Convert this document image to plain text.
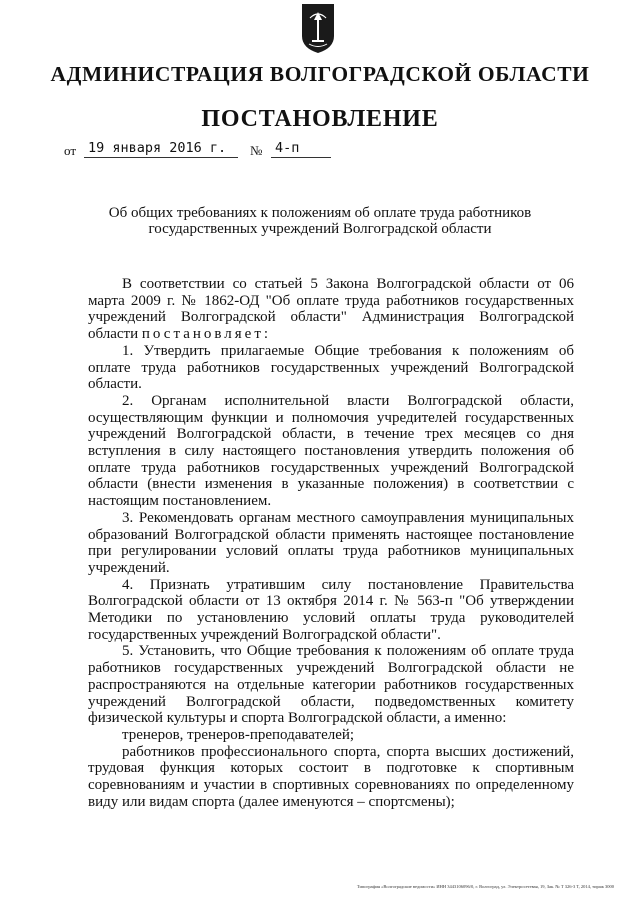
АДМИНИСТРАЦИЯ ВОЛГОГРАДСКОЙ ОБЛАСТИ
ПОСТАНОВЛЕНИЕ
от 19 января 2016 г.	№ 4-п
Об общих требованиях к положениям об оплате труда работников
государственных учреждений Волгоградской области

В соответствии со статьей 5 Закона Волгоградской области от 06 марта 2009 г. № 1862-ОД "Об оплате труда работников государственных учреждений Волгоградской области" Администрация Волгоградской области постановляет:

1. Утвердить прилагаемые Общие требования к положениям об оплате труда работников государственных учреждений Волгоградской области.

2. Органам исполнительной власти Волгоградской области, осуществляющим функции и полномочия учредителей государственных учреждений Волгоградской области, в течение трех месяцев со дня вступления в силу настоящего постановления утвердить положения об оплате труда работников государственных учреждений Волгоградской области (внести изменения в указанные положения) в соответствии с настоящим постановлением.

3. Рекомендовать органам местного самоуправления муниципальных образований Волгоградской области применять настоящее постановление при регулировании условий оплаты труда работников муниципальных учреждений.

4. Признать утратившим силу постановление Правительства Волгоградской области от 13 октября 2014 г. № 563-п "Об утверждении Методики по установлению условий оплаты труда руководителей государственных учреждений Волгоградской области".

5. Установить, что Общие требования к положениям об оплате труда работников государственных учреждений Волгоградской области не распространяются на отдельные категории работников государственных учреждений Волгоградской области, подведомственных комитету физической культуры и спорта Волгоградской области, а именно:

тренеров, тренеров-преподавателей;

работников профессионального спорта, спорта высших достижений, трудовая функция которых состоит в подготовке к спортивным соревнованиям и участии в спортивных соревнованиях по определенному виду или видам спорта (далее именуются – спортсмены);

Типография «Волгоградские ведомости» ИНН 3443106096/0, г. Волгоград, ул. Электросетевая, 19, Зак. № Т 326-3 Т, 2014, тираж 3000
